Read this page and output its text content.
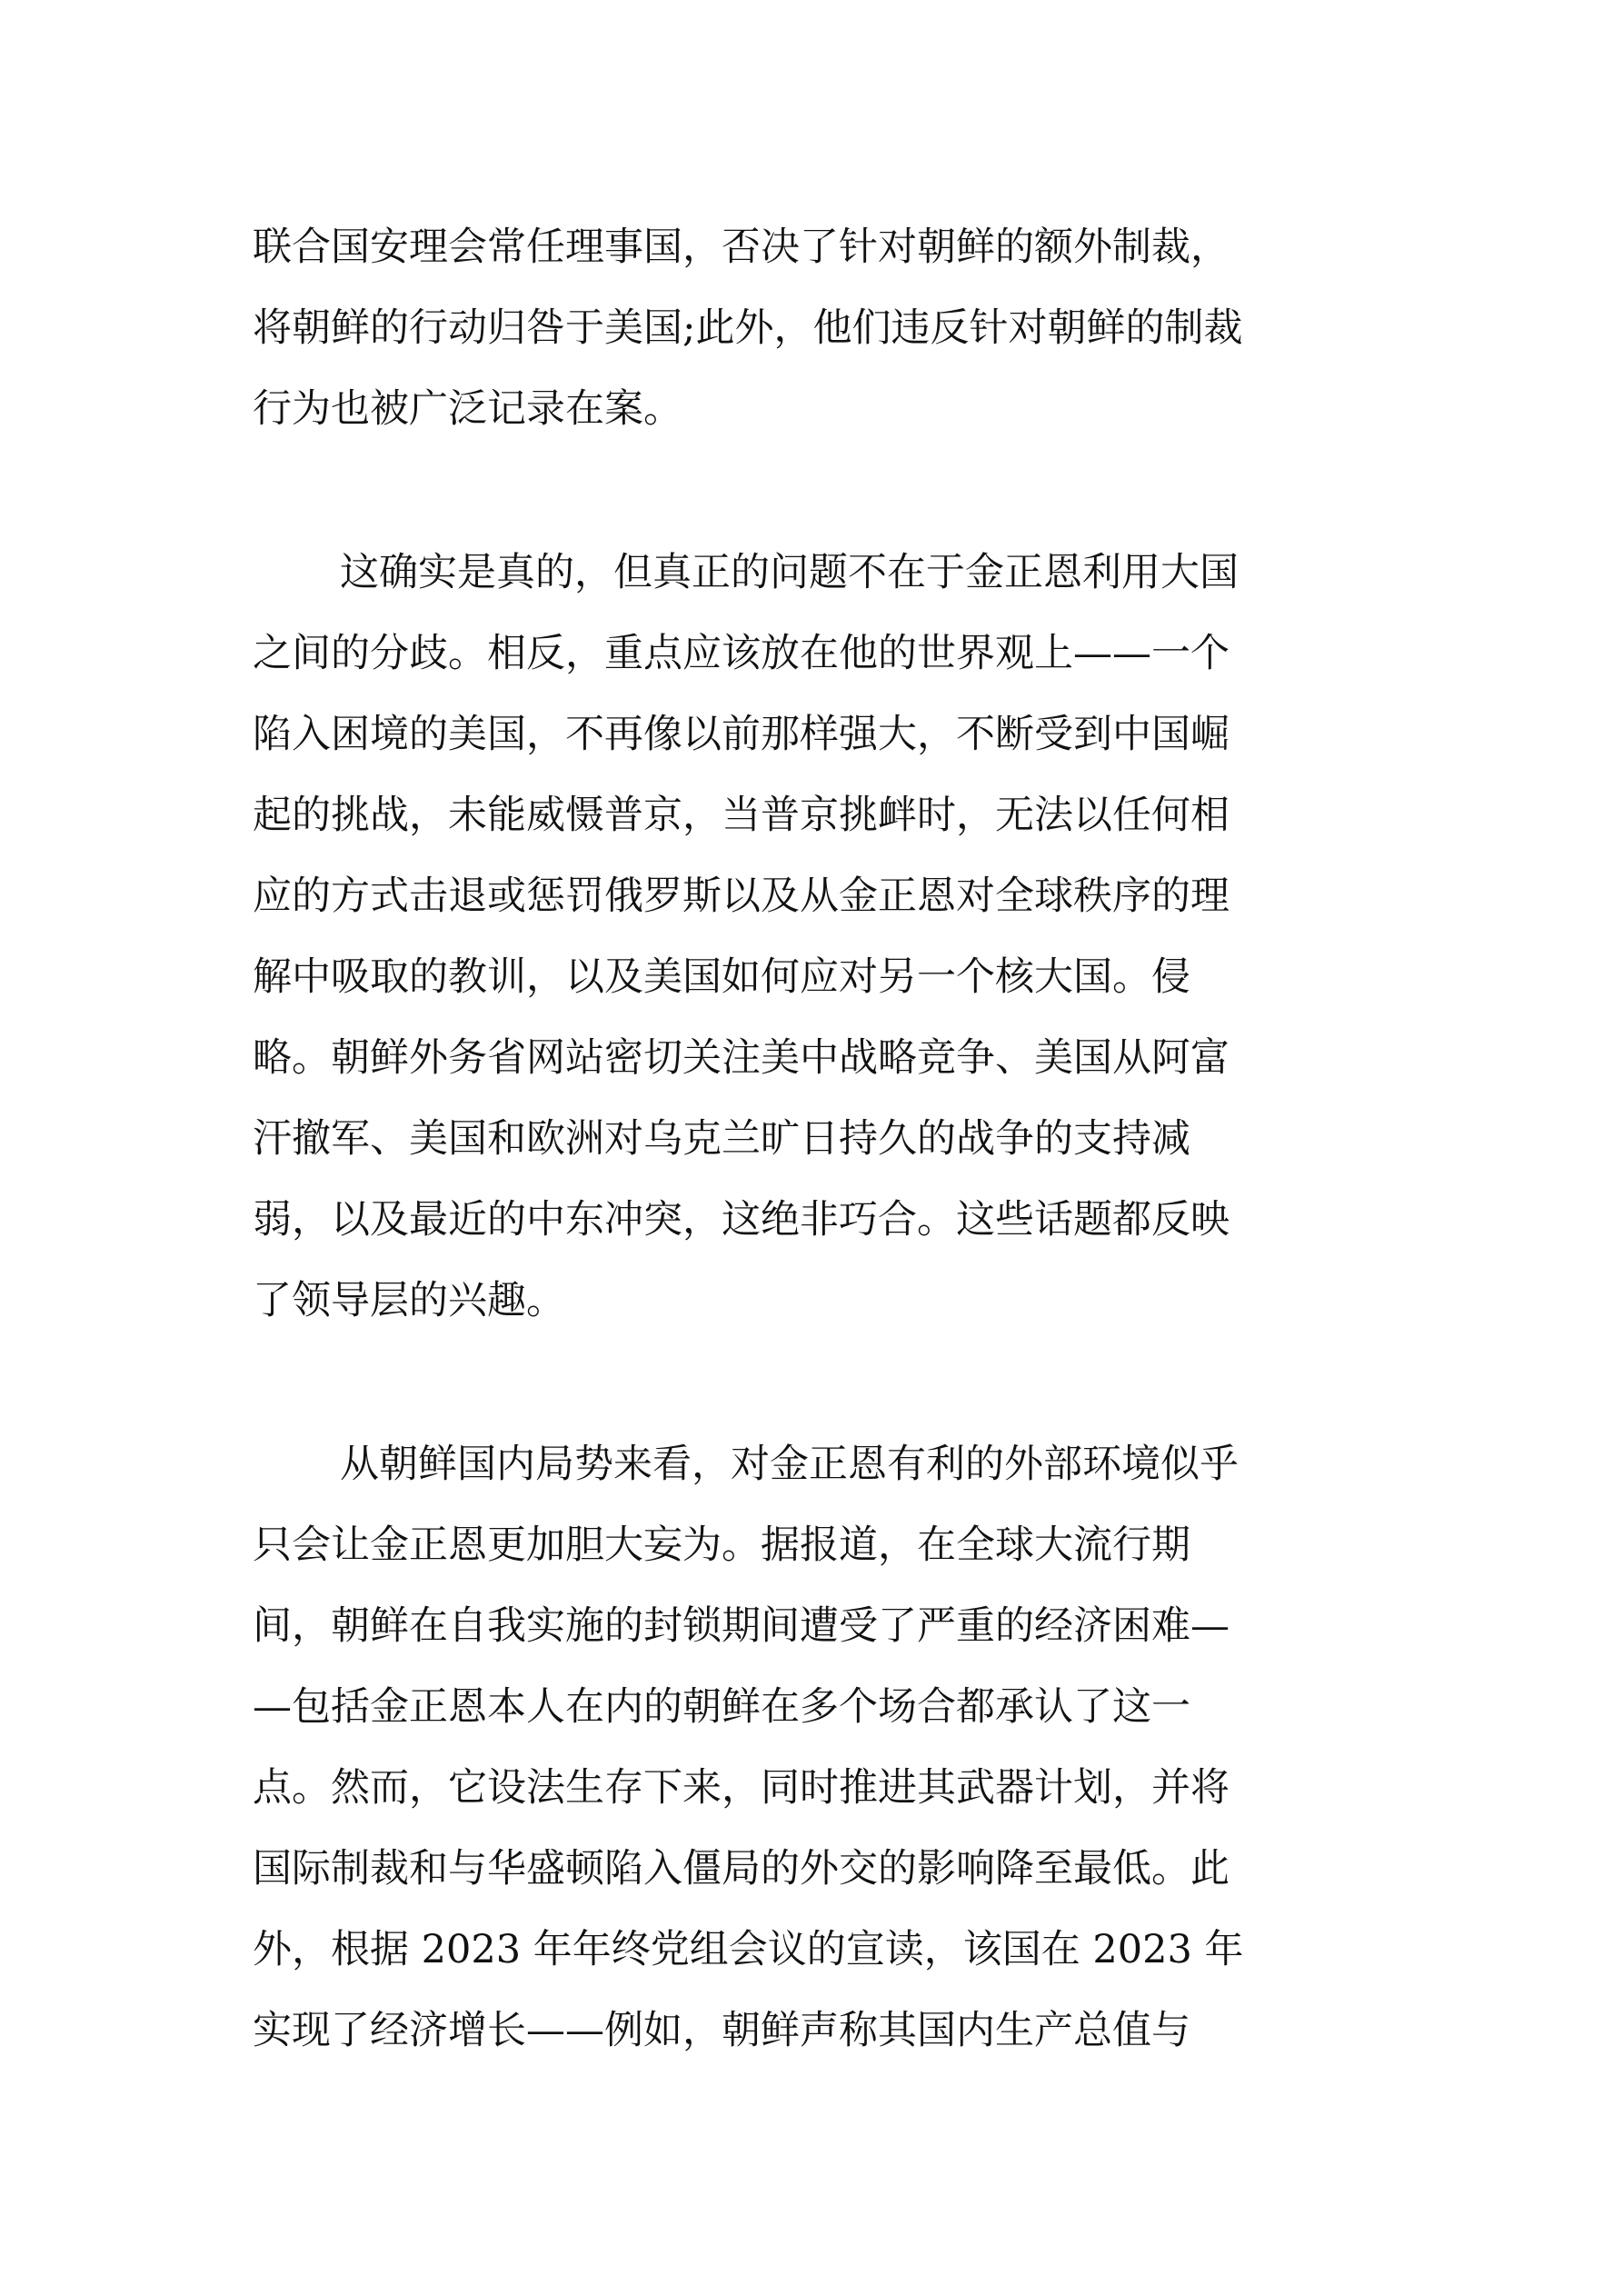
联合国安理会常任理事国，否决了针对朝鲜的额外制裁，
将朝鲜的行动归咎于美国;此外，他们违反针对朝鲜的制裁
行为也被广泛记录在案。
这确实是真的，但真正的问题不在于金正恩利用大国
之间的分歧。相反，重点应该放在他的世界观上——一个
陷入困境的美国，不再像以前那样强大，不断受到中国崛
起的挑战，未能威慑普京，当普京挑衅时，无法以任何相
应的方式击退或惩罚俄罗斯以及从金正恩对全球秩序的理
解中吸取的教训，以及美国如何应对另一个核大国。侵
略。朝鲜外务省网站密切关注美中战略竞争、美国从阿富
汗撤军、美国和欧洲对乌克兰旷日持久的战争的支持减
弱，以及最近的中东冲突，这绝非巧合。这些话题都反映
了领导层的兴趣。
从朝鲜国内局势来看，对金正恩有利的外部环境似乎
只会让金正恩更加胆大妄为。据报道，在全球大流行期
间，朝鲜在自我实施的封锁期间遭受了严重的经济困难—
—包括金正恩本人在内的朝鲜在多个场合都承认了这一
点。然而，它设法生存下来，同时推进其武器计划，并将
国际制裁和与华盛顿陷入僵局的外交的影响降至最低。此
外，根据 2023 年年终党组会议的宣读，该国在 2023 年
实现了经济增长——例如，朝鲜声称其国内生产总值与
